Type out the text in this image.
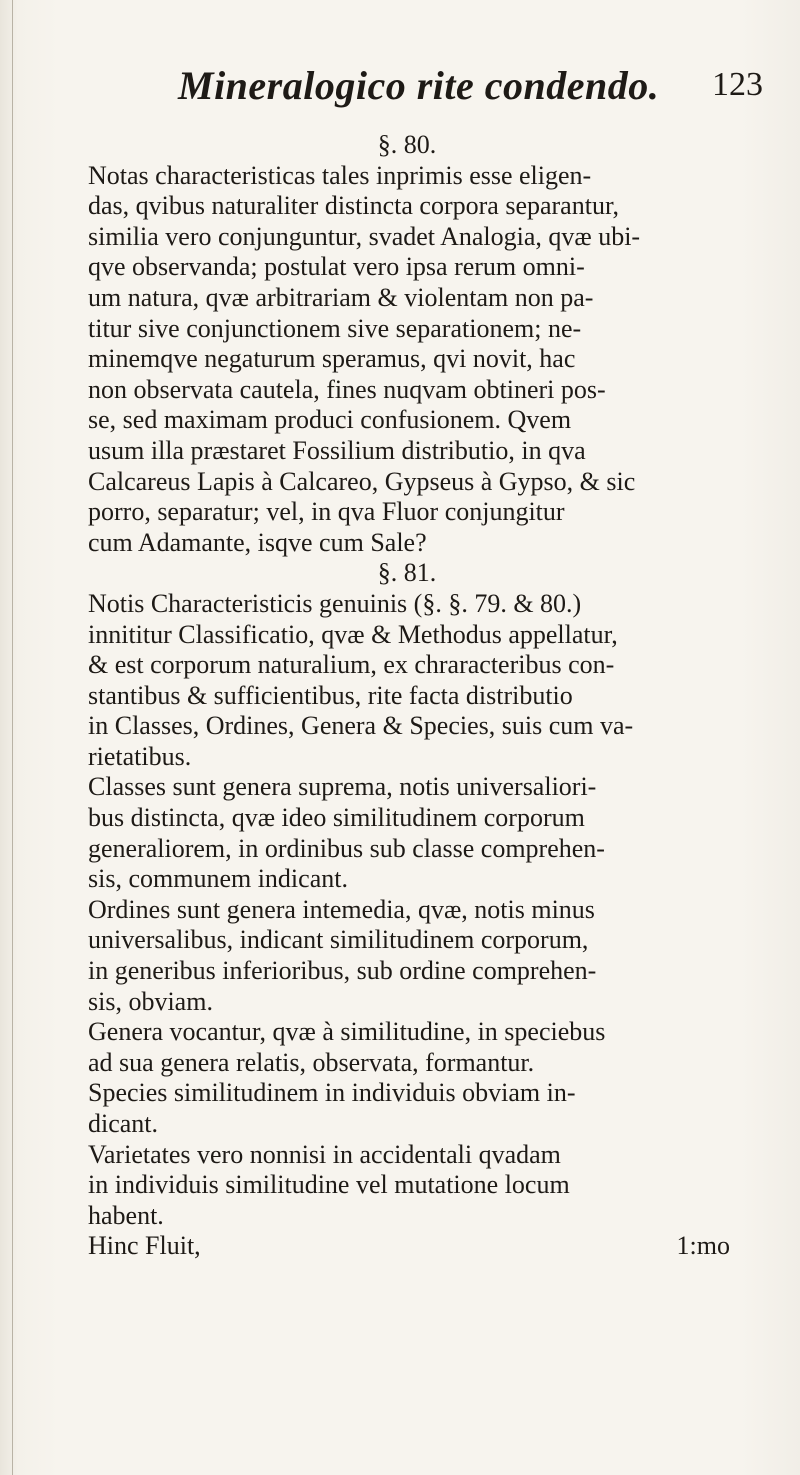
Mineralogico rite condendo. 123
§. 80.
Notas characteristicas tales inprimis esse eligen-
das, qvibus naturaliter distincta corpora separantur,
similia vero conjunguntur, svadet Analogia, qvæ ubi-
qve observanda; postulat vero ipsa rerum omni-
um natura, qvæ arbitrariam & violentam non pa-
titur sive conjunctionem sive separationem; ne-
minemqve negaturum speramus, qvi novit, hac
non observata cautela, fines nuqvam obtineri pos-
se, sed maximam produci confusionem. Qvem
usum illa præstaret Fossilium distributio, in qva
Calcareus Lapis à Calcareo, Gypseus à Gypso, & sic
porro, separatur; vel, in qva Fluor conjungitur
cum Adamante, isqve cum Sale?
§. 81.
Notis Characteristicis genuinis (§. §. 79. & 80.)
innititur Classificatio, qvæ & Methodus appellatur,
& est corporum naturalium, ex chraracteribus con-
stantibus & sufficientibus, rite facta distributio
in Classes, Ordines, Genera & Species, suis cum va-
rietatibus.
Classes sunt genera suprema, notis universaliori-
bus distincta, qvæ ideo similitudinem corporum
generaliorem, in ordinibus sub classe comprehen-
sis, communem indicant.
Ordines sunt genera intemedia, qvæ, notis minus
universalibus, indicant similitudinem corporum,
in generibus inferioribus, sub ordine comprehen-
sis, obviam.
Genera vocantur, qvæ à similitudine, in speciebus
ad sua genera relatis, observata, formantur.
Species similitudinem in individuis obviam in-
dicant.
Varietates vero nonnisi in accidentali qvadam
in individuis similitudine vel mutatione locum
habent.
Hinc Fluit,	1:mo
